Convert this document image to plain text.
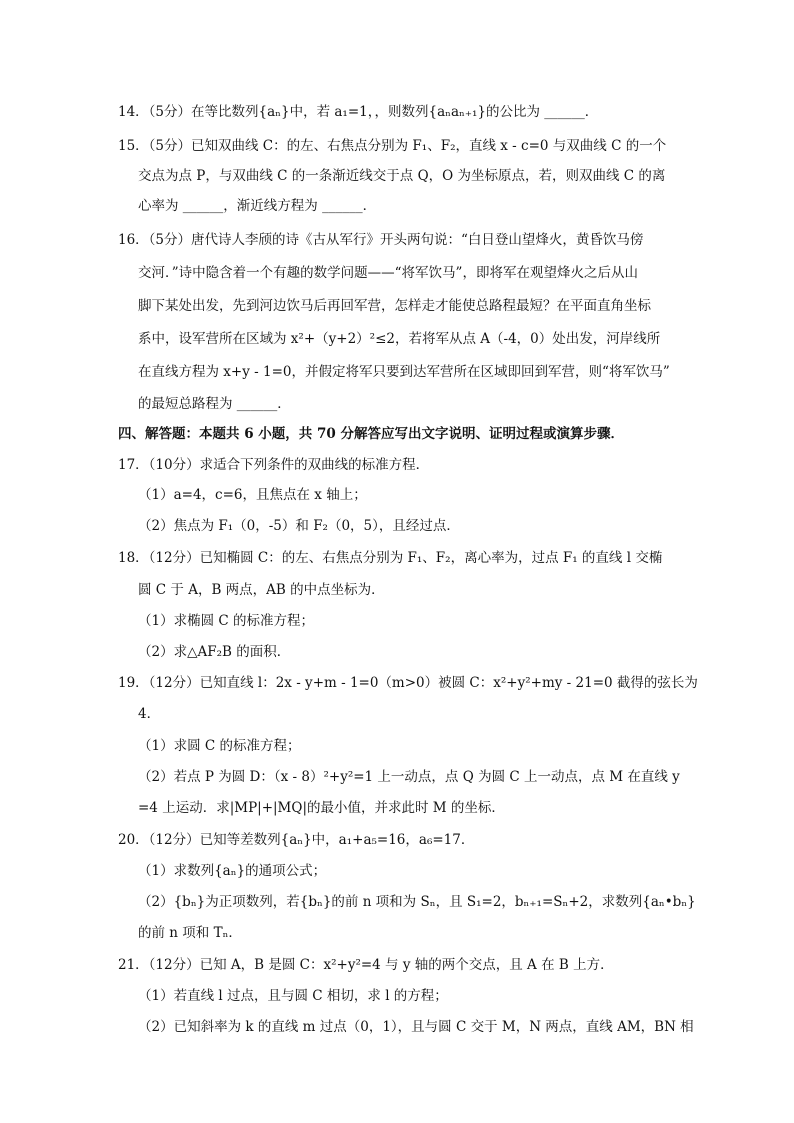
14．（5分）在等比数列{aₙ}中，若 a₁=1，，则数列{aₙaₙ₊₁}的公比为 ______．
15．（5分）已知双曲线 C：的左、右焦点分别为 F₁、F₂，直线 x - c=0 与双曲线 C 的一个
交点为点 P，与双曲线 C 的一条渐近线交于点 Q，O 为坐标原点，若，则双曲线 C 的离
心率为 ______，渐近线方程为 ______．
16．（5分）唐代诗人李颀的诗《古从军行》开头两句说：“白日登山望烽火，黄昏饮马傍
交河．”诗中隐含着一个有趣的数学问题——“将军饮马”，即将军在观望烽火之后从山
脚下某处出发，先到河边饮马后再回军营，怎样走才能使总路程最短？在平面直角坐标
系中，设军营所在区域为 x²+（y+2）²≤2，若将军从点 A（-4，0）处出发，河岸线所
在直线方程为 x+y - 1=0，并假定将军只要到达军营所在区域即回到军营，则“将军饮马”
的最短总路程为 ______．
四、解答题：本题共 6 小题，共 70 分解答应写出文字说明、证明过程或演算步骤．
17．（10分）求适合下列条件的双曲线的标准方程．
（1）a=4，c=6，且焦点在 x 轴上；
（2）焦点为 F₁（0，-5）和 F₂（0，5），且经过点．
18．（12分）已知椭圆 C：的左、右焦点分别为 F₁、F₂，离心率为，过点 F₁ 的直线 l 交椭
圆 C 于 A，B 两点，AB 的中点坐标为．
（1）求椭圆 C 的标准方程；
（2）求△AF₂B 的面积．
19．（12分）已知直线 l：2x - y+m - 1=0（m>0）被圆 C：x²+y²+my - 21=0 截得的弦长为
4．
（1）求圆 C 的标准方程；
（2）若点 P 为圆 D：（x - 8）²+y²=1 上一动点，点 Q 为圆 C 上一动点，点 M 在直线 y
=4 上运动．求|MP|+|MQ|的最小值，并求此时 M 的坐标．
20．（12分）已知等差数列{aₙ}中，a₁+a₅=16，a₆=17．
（1）求数列{aₙ}的通项公式；
（2）{bₙ}为正项数列，若{bₙ}的前 n 项和为 Sₙ，且 S₁=2，bₙ₊₁=Sₙ+2，求数列{aₙ•bₙ}
的前 n 项和 Tₙ．
21．（12分）已知 A，B 是圆 C：x²+y²=4 与 y 轴的两个交点，且 A 在 B 上方．
（1）若直线 l 过点，且与圆 C 相切，求 l 的方程；
（2）已知斜率为 k 的直线 m 过点（0，1），且与圆 C 交于 M，N 两点，直线 AM，BN 相
